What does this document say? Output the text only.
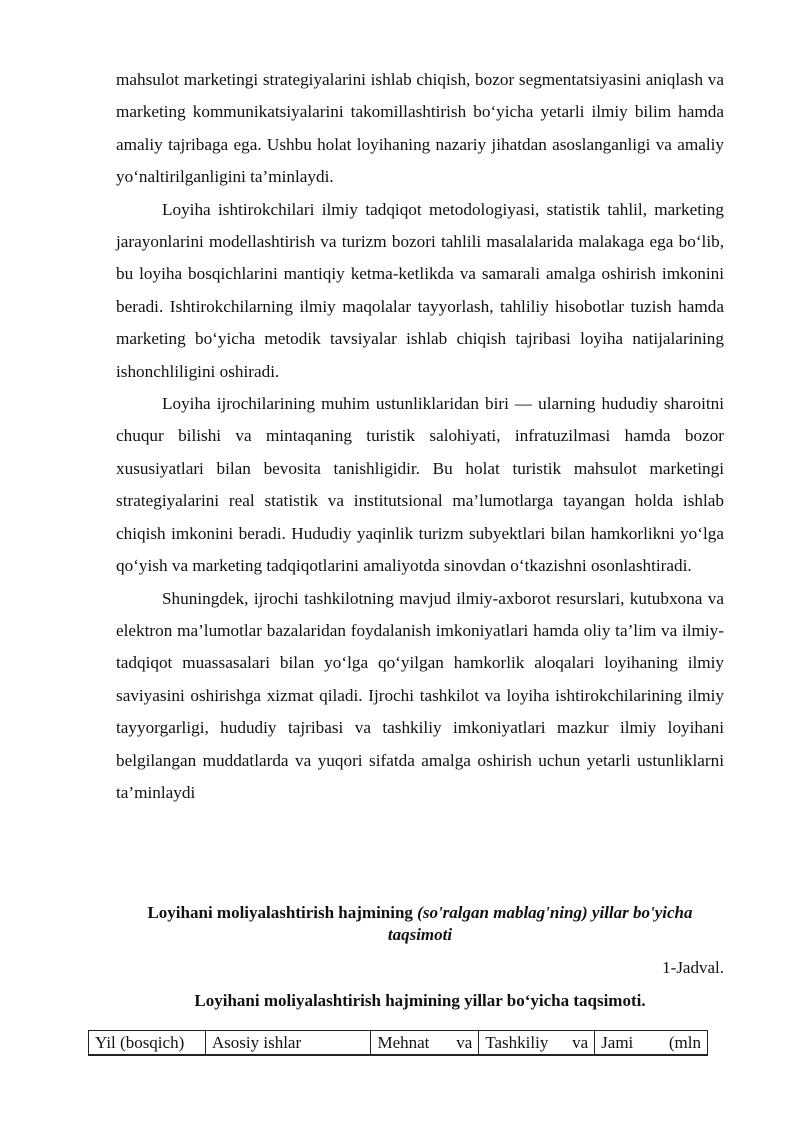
mahsulot marketingi strategiyalarini ishlab chiqish, bozor segmentatsiyasini aniqlash va marketing kommunikatsiyalarini takomillashtirish bo‘yicha yetarli ilmiy bilim hamda amaliy tajribaga ega. Ushbu holat loyihaning nazariy jihatdan asoslanganligi va amaliy yo‘naltirilganligini ta’minlaydi.

Loyiha ishtirokchilari ilmiy tadqiqot metodologiyasi, statistik tahlil, marketing jarayonlarini modellashtirish va turizm bozori tahlili masalalarida malakaga ega bo‘lib, bu loyiha bosqichlarini mantiqiy ketma-ketlikda va samarali amalga oshirish imkonini beradi. Ishtirokchilarning ilmiy maqolalar tayyorlash, tahliliy hisobotlar tuzish hamda marketing bo‘yicha metodik tavsiyalar ishlab chiqish tajribasi loyiha natijalarining ishonchliligini oshiradi.

Loyiha ijrochilarining muhim ustunliklaridan biri — ularning hududiy sharoitni chuqur bilishi va mintaqaning turistik salohiyati, infratuzilmasi hamda bozor xususiyatlari bilan bevosita tanishligidir. Bu holat turistik mahsulot marketingi strategiyalarini real statistik va institutsional ma’lumotlarga tayangan holda ishlab chiqish imkonini beradi. Hududiy yaqinlik turizm subyektlari bilan hamkorlikni yo‘lga qo‘yish va marketing tadqiqotlarini amaliyotda sinovdan o‘tkazishni osonlashtiradi.

Shuningdek, ijrochi tashkilotning mavjud ilmiy-axborot resurslari, kutubxona va elektron ma’lumotlar bazalaridan foydalanish imkoniyatlari hamda oliy ta’lim va ilmiy-tadqiqot muassasalari bilan yo‘lga qo‘yilgan hamkorlik aloqalari loyihaning ilmiy saviyasini oshirishga xizmat qiladi. Ijrochi tashkilot va loyiha ishtirokchilarining ilmiy tayyorgarligi, hududiy tajribasi va tashkiliy imkoniyatlari mazkur ilmiy loyihani belgilangan muddatlarda va yuqori sifatda amalga oshirish uchun yetarli ustunliklarni ta’minlaydi

Loyihani moliyalashtirish hajmining (so'ralgan mablag'ning) yillar bo'yicha taqsimoti

1-Jadval.

Loyihani moliyalashtirish hajmining yillar bo‘yicha taqsimoti.

Yil (bosqich)	Asosiy ishlar	Mehnat va	Tashkiliy va	Jami (mln
